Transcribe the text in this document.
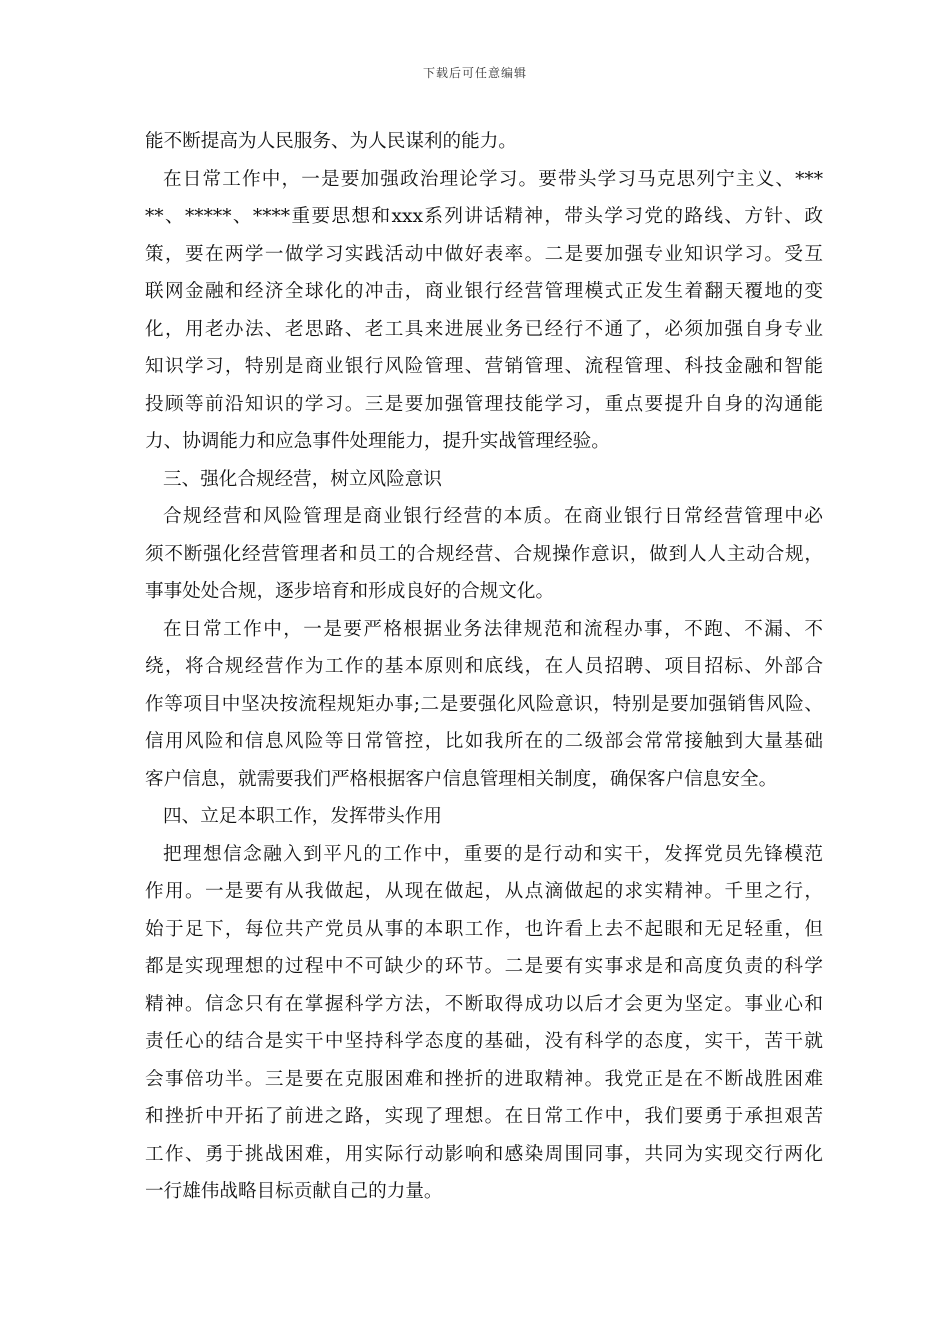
下载后可任意编辑
能不断提高为人民服务、为人民谋利的能力。
在日常工作中，一是要加强政治理论学习。要带头学习马克思列宁主义、***
**、*****、****重要思想和xxx系列讲话精神，带头学习党的路线、方针、政
策，要在两学一做学习实践活动中做好表率。二是要加强专业知识学习。受互
联网金融和经济全球化的冲击，商业银行经营管理模式正发生着翻天覆地的变
化，用老办法、老思路、老工具来进展业务已经行不通了，必须加强自身专业
知识学习，特别是商业银行风险管理、营销管理、流程管理、科技金融和智能
投顾等前沿知识的学习。三是要加强管理技能学习，重点要提升自身的沟通能
力、协调能力和应急事件处理能力，提升实战管理经验。
三、强化合规经营，树立风险意识
合规经营和风险管理是商业银行经营的本质。在商业银行日常经营管理中必
须不断强化经营管理者和员工的合规经营、合规操作意识，做到人人主动合规，
事事处处合规，逐步培育和形成良好的合规文化。
在日常工作中，一是要严格根据业务法律规范和流程办事，不跑、不漏、不
绕，将合规经营作为工作的基本原则和底线，在人员招聘、项目招标、外部合
作等项目中坚决按流程规矩办事;二是要强化风险意识，特别是要加强销售风险、
信用风险和信息风险等日常管控，比如我所在的二级部会常常接触到大量基础
客户信息，就需要我们严格根据客户信息管理相关制度，确保客户信息安全。
四、立足本职工作，发挥带头作用
把理想信念融入到平凡的工作中，重要的是行动和实干，发挥党员先锋模范
作用。一是要有从我做起，从现在做起，从点滴做起的求实精神。千里之行，
始于足下，每位共产党员从事的本职工作，也许看上去不起眼和无足轻重，但
都是实现理想的过程中不可缺少的环节。二是要有实事求是和高度负责的科学
精神。信念只有在掌握科学方法，不断取得成功以后才会更为坚定。事业心和
责任心的结合是实干中坚持科学态度的基础，没有科学的态度，实干，苦干就
会事倍功半。三是要在克服困难和挫折的进取精神。我党正是在不断战胜困难
和挫折中开拓了前进之路，实现了理想。在日常工作中，我们要勇于承担艰苦
工作、勇于挑战困难，用实际行动影响和感染周围同事，共同为实现交行两化
一行雄伟战略目标贡献自己的力量。
